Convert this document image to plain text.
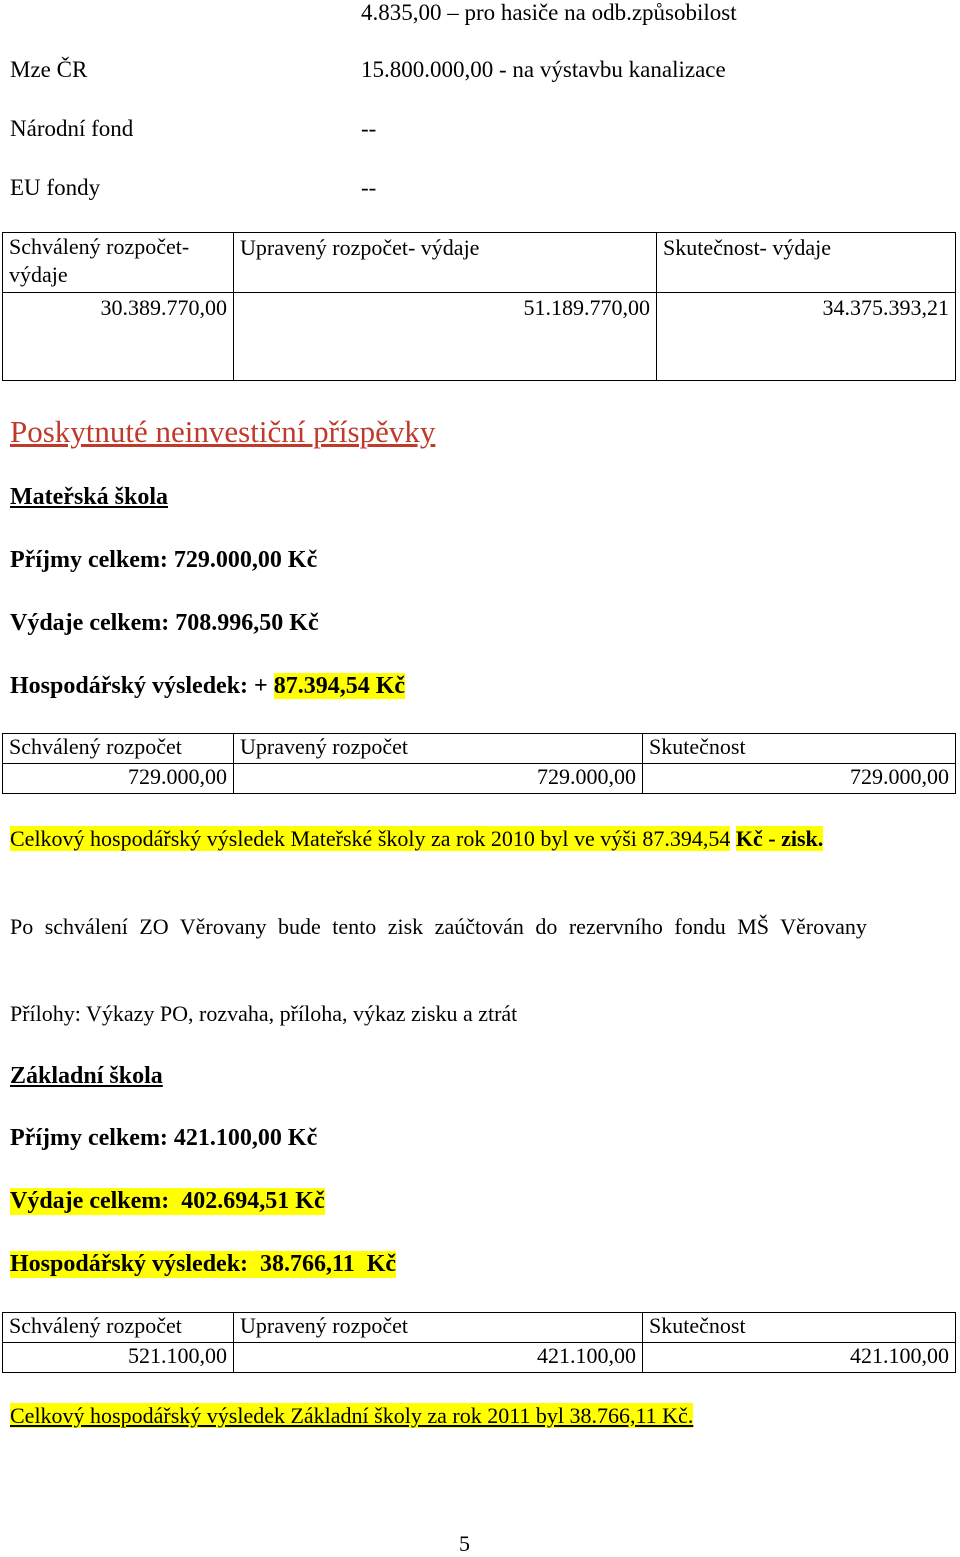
4.835,00 – pro hasiče na odb.způsobilost
Mze ČR	15.800.000,00 - na výstavbu kanalizace
Národní fond	--
EU fondy	--
Schválený rozpočet-
výdaje	Upravený rozpočet- výdaje	Skutečnost- výdaje
30.389.770,00	51.189.770,00	34.375.393,21
Poskytnuté neinvestiční příspěvky
Mateřská škola
Příjmy celkem: 729.000,00 Kč
Výdaje celkem: 708.996,50 Kč
Hospodářský výsledek: + 87.394,54 Kč
Schválený rozpočet	Upravený rozpočet	Skutečnost
729.000,00	729.000,00	729.000,00
Celkový hospodářský výsledek Mateřské školy za rok 2010 byl ve výši 87.394,54 Kč - zisk.
Po schválení ZO Věrovany bude tento zisk zaúčtován do rezervního fondu MŠ Věrovany
Přílohy: Výkazy PO, rozvaha, příloha, výkaz zisku a ztrát
Základní škola
Příjmy celkem: 421.100,00 Kč
Výdaje celkem:  402.694,51 Kč
Hospodářský výsledek:  38.766,11  Kč
Schválený rozpočet	Upravený rozpočet	Skutečnost
521.100,00	421.100,00	421.100,00
Celkový hospodářský výsledek Základní školy za rok 2011 byl 38.766,11 Kč.
5
